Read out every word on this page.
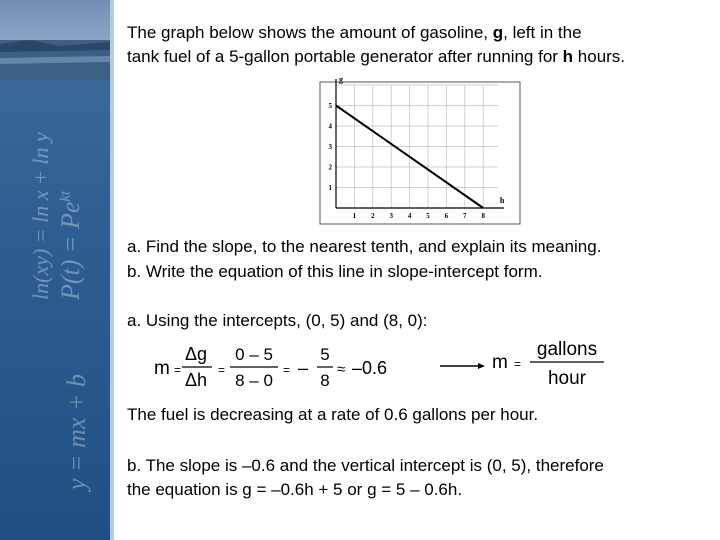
ln(xy) = ln x + ln y $P(t) = Pe^{kt}$
y = mx + b
The graph below shows the amount of gasoline, g, left in the
tank fuel of a 5-gallon portable generator after running for h hours.
1 2 3 4 5 6 7 8
1
2
3
4
5
g
h
a. Find the slope, to the nearest tenth, and explain its meaning.
b. Write the equation of this line in slope-intercept form.
a. Using the intercepts, (0, 5) and (8, 0):
m =
Δg
Δh =
0 – 5
8 – 0
= –
5
8
≈ –0.6	m =
gallons
hour
The fuel is decreasing at a rate of 0.6 gallons per hour.
b. The slope is –0.6 and the vertical intercept is (0, 5), therefore
the equation is g = –0.6h + 5 or g = 5 – 0.6h.
